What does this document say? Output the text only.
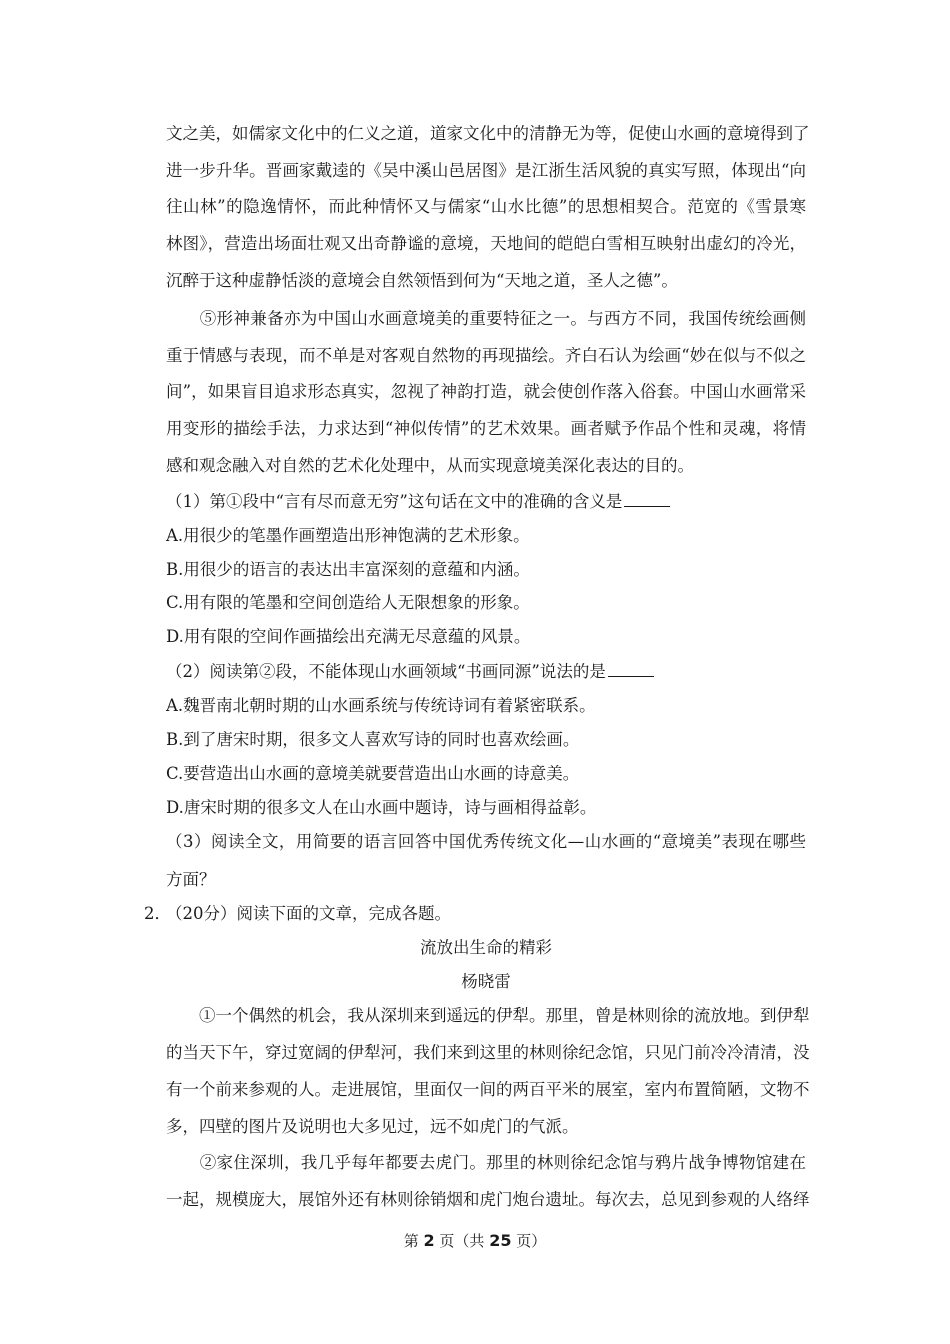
文之美，如儒家文化中的仁义之道，道家文化中的清静无为等，促使山水画的意境得到了
进一步升华。晋画家戴逵的《吴中溪山邑居图》是江浙生活风貌的真实写照，体现出“向
往山林”的隐逸情怀，而此种情怀又与儒家“山水比德”的思想相契合。范宽的《雪景寒
林图》，营造出场面壮观又出奇静谧的意境，天地间的皑皑白雪相互映射出虚幻的冷光，
沉醉于这种虚静恬淡的意境会自然领悟到何为“天地之道，圣人之德”。
　　⑤形神兼备亦为中国山水画意境美的重要特征之一。与西方不同，我国传统绘画侧
重于情感与表现，而不单是对客观自然物的再现描绘。齐白石认为绘画“妙在似与不似之
间”，如果盲目追求形态真实，忽视了神韵打造，就会使创作落入俗套。中国山水画常采
用变形的描绘手法，力求达到“神似传情”的艺术效果。画者赋予作品个性和灵魂，将情
感和观念融入对自然的艺术化处理中，从而实现意境美深化表达的目的。
（1）第①段中“言有尽而意无穷”这句话在文中的准确的含义是
A.用很少的笔墨作画塑造出形神饱满的艺术形象。
B.用很少的语言的表达出丰富深刻的意蕴和内涵。
C.用有限的笔墨和空间创造给人无限想象的形象。
D.用有限的空间作画描绘出充满无尽意蕴的风景。
（2）阅读第②段，不能体现山水画领域“书画同源”说法的是
A.魏晋南北朝时期的山水画系统与传统诗词有着紧密联系。
B.到了唐宋时期，很多文人喜欢写诗的同时也喜欢绘画。
C.要营造出山水画的意境美就要营造出山水画的诗意美。
D.唐宋时期的很多文人在山水画中题诗，诗与画相得益彰。
（3）阅读全文，用简要的语言回答中国优秀传统文化—山水画的“意境美”表现在哪些
方面？
2．
（20分）阅读下面的文章，完成各题。
流放出生命的精彩
杨晓雷
　　①一个偶然的机会，我从深圳来到遥远的伊犁。那里，曾是林则徐的流放地。到伊犁
的当天下午，穿过宽阔的伊犁河，我们来到这里的林则徐纪念馆，只见门前冷冷清清，没
有一个前来参观的人。走进展馆，里面仅一间的两百平米的展室，室内布置简陋，文物不
多，四壁的图片及说明也大多见过，远不如虎门的气派。
　　②家住深圳，我几乎每年都要去虎门。那里的林则徐纪念馆与鸦片战争博物馆建在
一起，规模庞大，展馆外还有林则徐销烟和虎门炮台遗址。每次去，总见到参观的人络绎
第 2 页（共 25 页）
